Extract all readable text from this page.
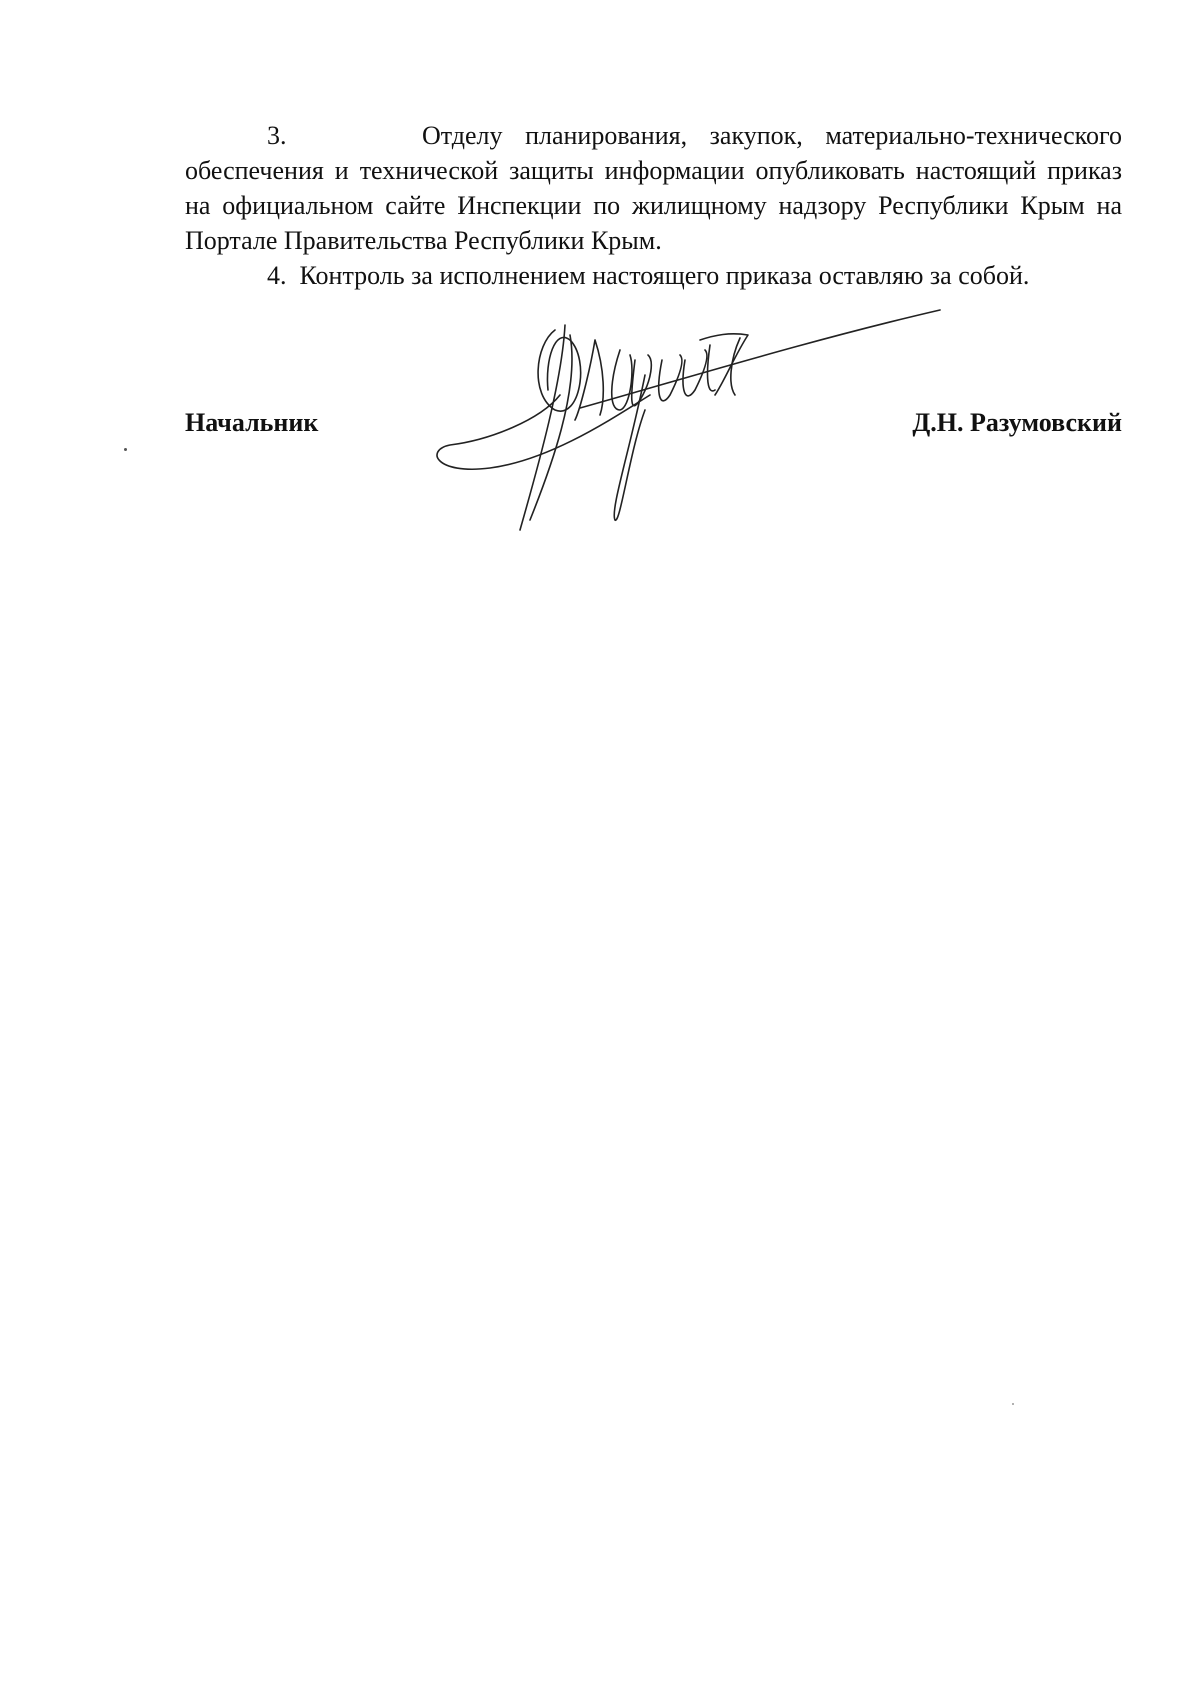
3.	Отделу планирования, закупок, материально-технического обеспечения и технической защиты информации опубликовать настоящий приказ на официальном сайте Инспекции по жилищному надзору Республики Крым на Портале Правительства Республики Крым.

4. Контроль за исполнением настоящего приказа оставляю за собой.

Начальник	Д.Н. Разумовский
